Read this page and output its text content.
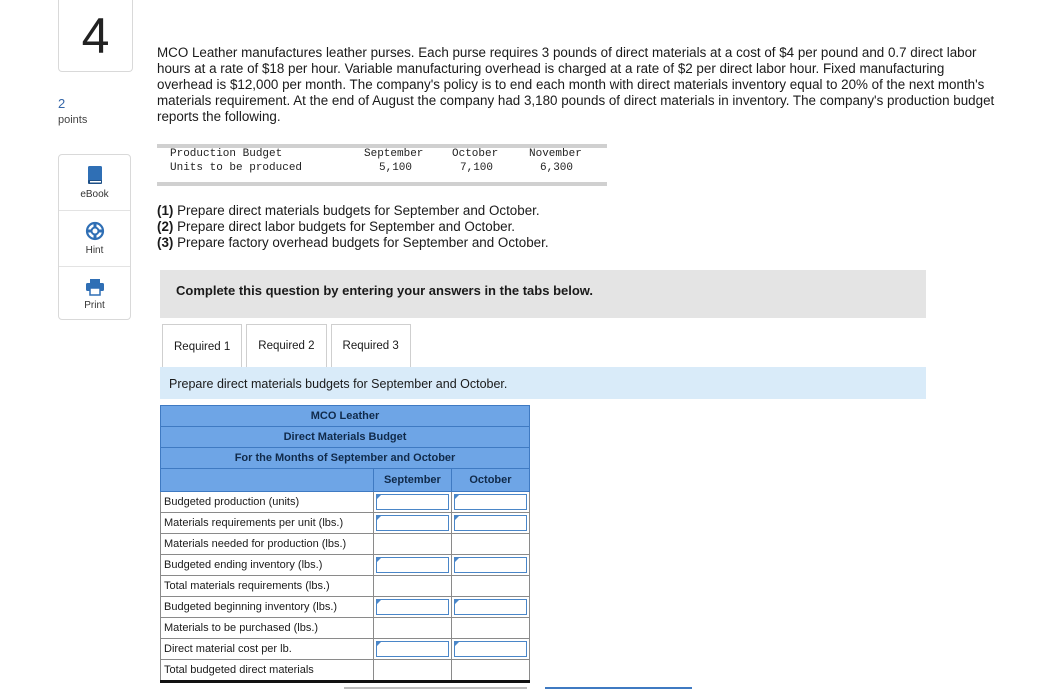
4
2
points
eBook
Hint
Print
MCO Leather manufactures leather purses. Each purse requires 3 pounds of direct materials at a cost of $4 per pound and 0.7 direct labor hours at a rate of $18 per hour. Variable manufacturing overhead is charged at a rate of $2 per direct labor hour. Fixed manufacturing overhead is $12,000 per month. The company's policy is to end each month with direct materials inventory equal to 20% of the next month's materials requirement. At the end of August the company had 3,180 pounds of direct materials in inventory. The company's production budget reports the following.
Production Budget	September	October	November
Units to be produced	5,100	7,100	6,300
(1) Prepare direct materials budgets for September and October.
(2) Prepare direct labor budgets for September and October.
(3) Prepare factory overhead budgets for September and October.
Complete this question by entering your answers in the tabs below.
Required 1	Required 2	Required 3
Prepare direct materials budgets for September and October.
MCO Leather		
Direct Materials Budget		
For the Months of September and October		
	September	October
Budgeted production (units)	

Materials requirements per unit (lbs.)	

Materials needed for production (lbs.)		
Budgeted ending inventory (lbs.)	

Total materials requirements (lbs.)		
Budgeted beginning inventory (lbs.)	

Materials to be purchased (lbs.)		
Direct material cost per lb.	

Total budgeted direct materials		
